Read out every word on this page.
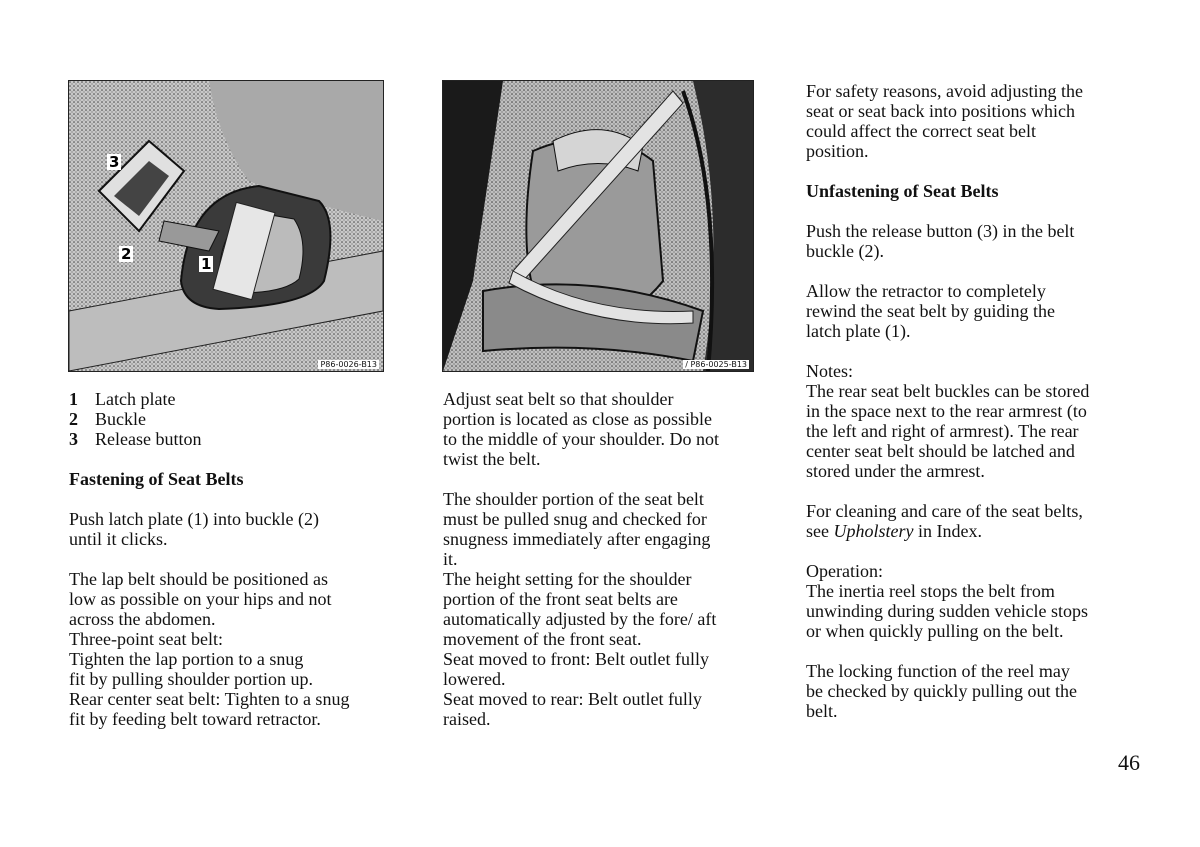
3
2
1
P86-0026-B13	/ P86-0025-B13
1 Latch plate
2 Buckle
3 Release button

Fastening of Seat Belts

Push latch plate (1) into buckle (2)

until it clicks.

The lap belt should be positioned as

low as possible on your hips and not

across the abdomen.

Three-point seat belt:

Tighten the lap portion to a snug

fit by pulling shoulder portion up.

Rear center seat belt: Tighten to a snug

fit by feeding belt toward retractor.

Adjust seat belt so that shoulder

portion is located as close as possible

to the middle of your shoulder. Do not

twist the belt.

The shoulder portion of the seat belt

must be pulled snug and checked for

snugness immediately after engaging

it.

The height setting for the shoulder

portion of the front seat belts are

automatically adjusted by the fore/ aft

movement of the front seat.

Seat moved to front: Belt outlet fully

lowered.

Seat moved to rear: Belt outlet fully

raised.

For safety reasons, avoid adjusting the

seat or seat back into positions which

could affect the correct seat belt

position.

Unfastening of Seat Belts

Push the release button (3) in the belt

buckle (2).

Allow the retractor to completely

rewind the seat belt by guiding the

latch plate (1).

Notes:

The rear seat belt buckles can be stored

in the space next to the rear armrest (to

the left and right of armrest). The rear

center seat belt should be latched and

stored under the armrest.

For cleaning and care of the seat belts,

see Upholstery in Index.

Operation:

The inertia reel stops the belt from

unwinding during sudden vehicle stops

or when quickly pulling on the belt.

The locking function of the reel may

be checked by quickly pulling out the

belt.

46
